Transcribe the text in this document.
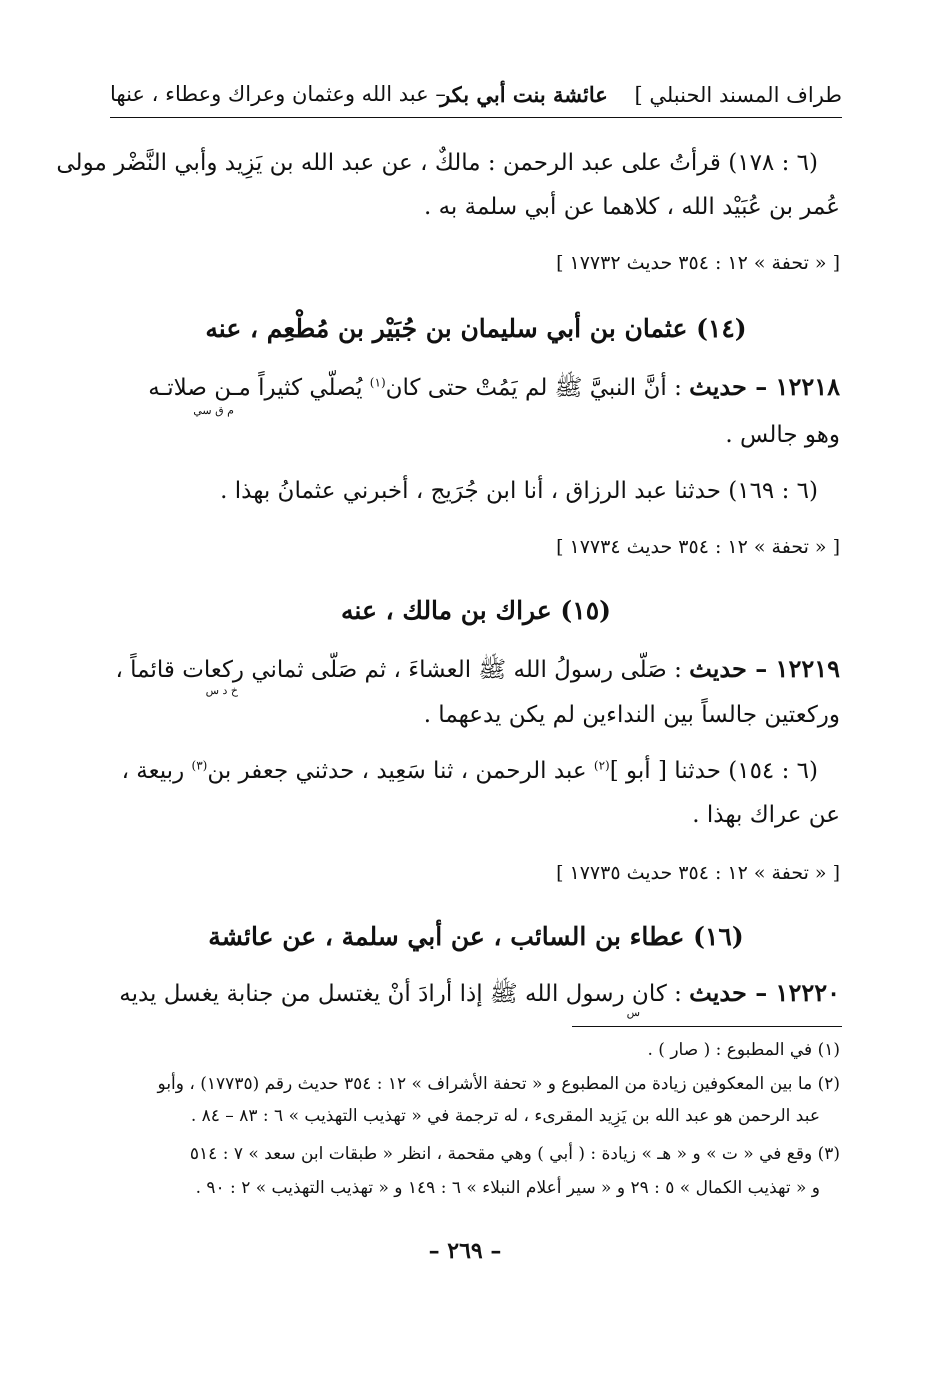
طراف المسند الحنبلي ]    عائشة بنت أبي بكر
– عبد الله وعثمان وعراك وعطاء ، عنها
(٦ : ١٧٨) قرأتُ على عبد الرحمن : مالكٌ ، عن عبد الله بن يَزِيد وأبي النَّضْر مولى
عُمر بن عُبَيْد الله ، كلاهما عن أبي سلمة به .
[ « تحفة » ١٢ : ٣٥٤ حديث ١٧٧٣٢ ]
(١٤) عثمان بن أبي سليمان بن جُبَيْر بن مُطْعِم ، عنه
١٢٢١٨ – حديث : أنَّ النبيَّ ﷺ لم يَمُتْ حتى كان$^{(١)}$ يُصلّي كثيراً مـن صلاتـه
م ق سي
وهو جالس .
(٦ : ١٦٩) حدثنا عبد الرزاق ، أنا ابن جُرَيج ، أخبرني عثمانُ بهذا .
[ « تحفة » ١٢ : ٣٥٤ حديث ١٧٧٣٤ ]
(١٥) عراك بن مالك ، عنه
١٢٢١٩ – حديث : صَلّى رسولُ الله ﷺ العشاءَ ، ثم صَلّى ثماني ركعات قائماً ،
خ د س
وركعتين جالساً بين النداءين لم يكن يدعهما .
(٦ : ١٥٤) حدثنا [ أبو ]$^{(٢)}$ عبد الرحمن ، ثنا سَعِيد ، حدثني جعفر بن$^{(٣)}$ ربيعة ،
عن عراك بهذا .
[ « تحفة » ١٢ : ٣٥٤ حديث ١٧٧٣٥ ]
(١٦) عطاء بن السائب ، عن أبي سلمة ، عن عائشة
١٢٢٢٠ – حديث : كان رسول الله ﷺ إذا أرادَ أنْ يغتسل من جنابة يغسل يديه
س
(١) في المطبوع : ( صار ) .
(٢) ما بين المعكوفين زيادة من المطبوع و « تحفة الأشراف » ١٢ : ٣٥٤ حديث رقم (١٧٧٣٥) ، وأبو
عبد الرحمن هو عبد الله بن يَزِيد المقرىء ، له ترجمة في « تهذيب التهذيب » ٦ : ٨٣ – ٨٤ .
(٣) وقع في « ت » و « هـ » زيادة : ( أبي ) وهي مقحمة ، انظر « طبقات ابن سعد » ٧ : ٥١٤
و « تهذيب الكمال » ٥ : ٢٩ و « سير أعلام النبلاء » ٦ : ١٤٩ و « تهذيب التهذيب » ٢ : ٩٠ .
– ٢٦٩ –
